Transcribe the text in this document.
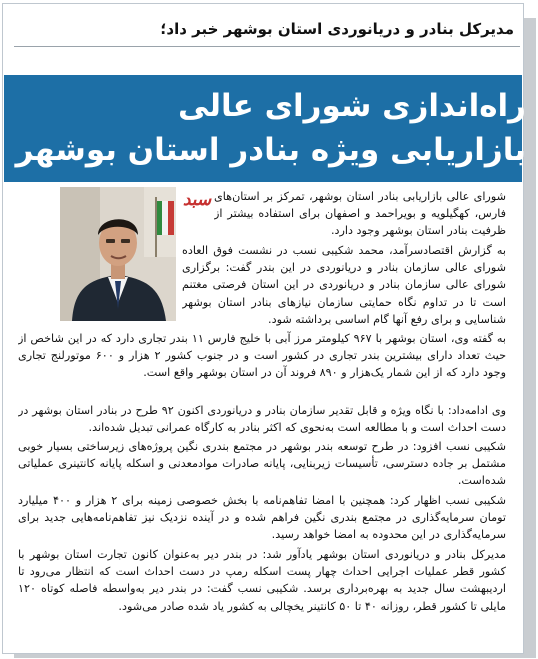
مدیرکل بنادر و دریانوردی استان بوشهر خبر داد؛
راه‌اندازی شورای عالی
بازاریابی ویژه بنادر استان بوشهر
سبد شورای عالی بازاریابی بنادر استان بوشهر، تمرکز بر استان‌های فارس، کهگیلویه و بویراحمد و اصفهان برای استفاده بیشتر از ظرفیت بنادر استان بوشهر وجود دارد.

به گزارش اقتصادسرآمد، محمد شکیبی نسب در نشست فوق العاده شورای عالی سازمان بنادر و دریانوردی در این بندر گفت: برگزاری شورای عالی سازمان بنادر و دریانوردی در این استان فرصتی مغتنم است تا در تداوم نگاه حمایتی سازمان نیازهای بنادر استان بوشهر شناسایی و برای رفع آنها گام اساسی برداشته شود.

به گفته وی، استان بوشهر با ۹۶۷ کیلومتر مرز آبی با خلیج فارس ۱۱ بندر تجاری دارد که در این شاخص از حیث تعداد دارای بیشترین بندر تجاری در کشور است و در جنوب کشور ۲ هزار و ۶۰۰ موتورلنج تجاری وجود دارد که از این شمار یک‌هزار و ۸۹۰ فروند آن در استان بوشهر واقع است.

وی ادامه‌داد: با نگاه ویژه و قابل تقدیر سازمان بنادر و دریانوردی اکنون ۹۲ طرح در بنادر استان بوشهر در دست احداث است و با مطالعه است به‌نحوی که اکثر بنادر به کارگاه عمرانی تبدیل شده‌اند.

شکیبی نسب افزود: در طرح توسعه بندر بوشهر در مجتمع بندری نگین پروژه‌های زیرساختی بسیار خوبی مشتمل بر جاده دسترسی، تأسیسات زیربنایی، پایانه صادرات موادمعدنی و اسکله پایانه کانتینری عملیاتی شده‌است.

شکیبی نسب اظهار کرد: همچنین با امضا تفاهم‌نامه با بخش خصوصی زمینه برای ۲ هزار و ۴۰۰ میلیارد تومان سرمایه‌گذاری در مجتمع بندری نگین فراهم شده و در آینده نزدیک نیز تفاهم‌نامه‌هایی جدید برای سرمایه‌گذاری در این محدوده به امضا خواهد رسید.

مدیرکل بنادر و دریانوردی استان بوشهر یادآور شد: در بندر دیر به‌عنوان کانون تجارت استان بوشهر با کشور قطر عملیات اجرایی احداث چهار پست اسکله رمپ در دست احداث است که انتظار می‌رود تا اردیبهشت سال جدید به بهره‌برداری برسد. شکیبی نسب گفت: در بندر دیر به‌واسطه فاصله کوتاه ۱۲۰ مایلی تا کشور قطر، روزانه ۴۰ تا ۵۰ کانتینر یخچالی به کشور یاد شده صادر می‌شود.
